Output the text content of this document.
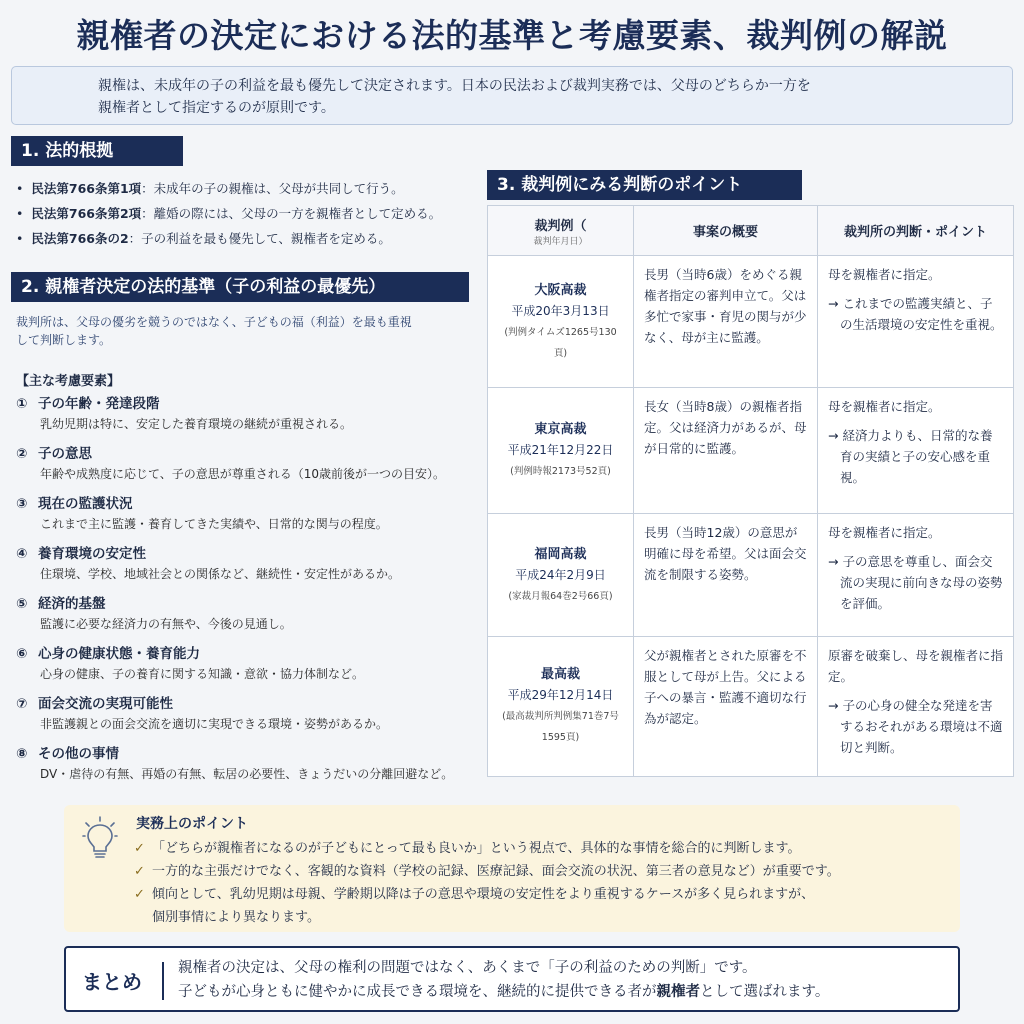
親権者の決定における法的基準と考慮要素、裁判例の解説
親権は、未成年の子の利益を最も優先して決定されます。日本の民法および裁判実務では、父母のどちらか一方を
親権者として指定するのが原則です。
1. 法的根拠
• 民法第766条第1項：未成年の子の親権は、父母が共同して行う。
• 民法第766条第2項：離婚の際には、父母の一方を親権者として定める。
• 民法第766条の2：子の利益を最も優先して、親権者を定める。
2. 親権者決定の法的基準（子の利益の最優先）
裁判所は、父母の優劣を競うのではなく、子どもの福（利益）を最も重視
して判断します。
【主な考慮要素】
① 子の年齢・発達段階
乳幼児期は特に、安定した養育環境の継続が重視される。
② 子の意思
年齢や成熟度に応じて、子の意思が尊重される（10歳前後が一つの目安）。
③ 現在の監護状況
これまで主に監護・養育してきた実績や、日常的な関与の程度。
④ 養育環境の安定性
住環境、学校、地域社会との関係など、継続性・安定性があるか。
⑤ 経済的基盤
監護に必要な経済力の有無や、今後の見通し。
⑥ 心身の健康状態・養育能力
心身の健康、子の養育に関する知識・意欲・協力体制など。
⑦ 面会交流の実現可能性
非監護親との面会交流を適切に実現できる環境・姿勢があるか。
⑧ その他の事情
DV・虐待の有無、再婚の有無、転居の必要性、きょうだいの分離回避など。
3. 裁判例にみる判断のポイント
裁判例（
裁判年月日）	事案の概要	裁判所の判断・ポイント

大阪高裁
平成20年3月13日
(判例タイムズ1265号130頁)	長男（当時6歳）をめぐる親権者指定の審判申立て。父は多忙で家事・育児の関与が少なく、母が主に監護。	母を親権者に指定。
→ これまでの監護実績と、子の生活環境の安定性を重視。

東京高裁
平成21年12月22日
(判例時報2173号52頁)	長女（当時8歳）の親権者指定。父は経済力があるが、母が日常的に監護。	母を親権者に指定。
→ 経済力よりも、日常的な養育の実績と子の安心感を重視。

福岡高裁
平成24年2月9日
(家裁月報64巻2号66頁)	長男（当時12歳）の意思が明確に母を希望。父は面会交流を制限する姿勢。	母を親権者に指定。
→ 子の意思を尊重し、面会交流の実現に前向きな母の姿勢を評価。

最高裁
平成29年12月14日
(最高裁判所判例集71巻7号
1595頁)	父が親権者とされた原審を不服として母が上告。父による子への暴言・監護不適切な行為が認定。	原審を破棄し、母を親権者に指定。
→ 子の心身の健全な発達を害するおそれがある環境は不適切と判断。
実務上のポイント
✓ 「どちらが親権者になるのが子どもにとって最も良いか」という視点で、具体的な事情を総合的に判断します。
✓ 一方的な主張だけでなく、客観的な資料（学校の記録、医療記録、面会交流の状況、第三者の意見など）が重要です。
✓ 傾向として、乳幼児期は母親、学齢期以降は子の意思や環境の安定性をより重視するケースが多く見られますが、
個別事情により異なります。
まとめ
親権者の決定は、父母の権利の問題ではなく、あくまで「子の利益のための判断」です。
子どもが心身ともに健やかに成長できる環境を、継続的に提供できる者が親権者として選ばれます。
